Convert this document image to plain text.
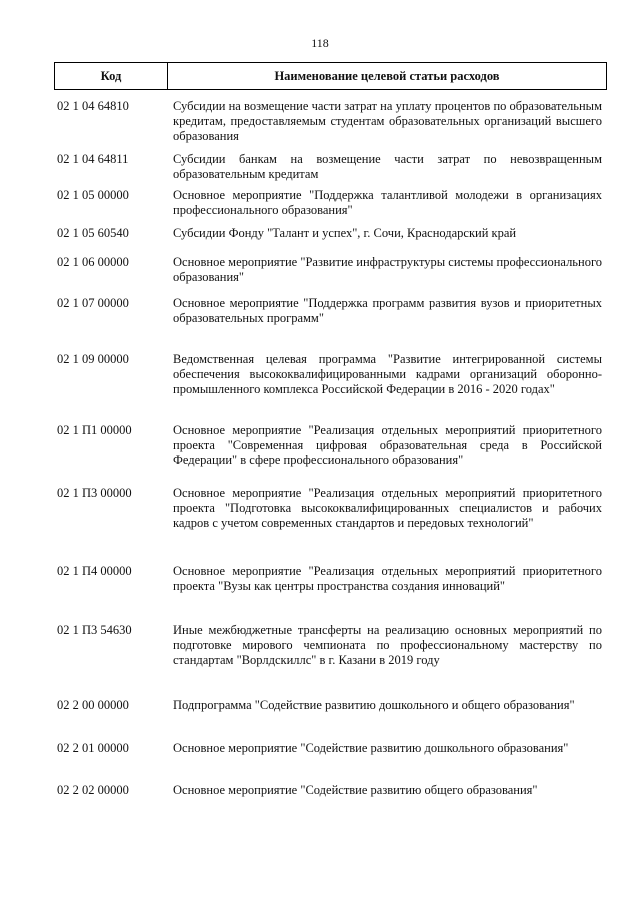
118
Код	Наименование целевой статьи расходов
02 1 04 64810	Субсидии на возмещение части затрат на уплату процентов по образовательным кредитам, предоставляемым студентам образовательных организаций высшего образования
02 1 04 64811	Субсидии банкам на возмещение части затрат по невозвращенным образовательным кредитам
02 1 05 00000	Основное мероприятие "Поддержка талантливой молодежи в организациях профессионального образования"
02 1 05 60540	Субсидии Фонду "Талант и успех", г. Сочи, Краснодарский край
02 1 06 00000	Основное мероприятие "Развитие инфраструктуры системы профессионального образования"
02 1 07 00000	Основное мероприятие "Поддержка программ развития вузов и приоритетных образовательных программ"
02 1 09 00000	Ведомственная целевая программа "Развитие интегрированной системы обеспечения высококвалифицированными кадрами организаций оборонно-промышленного комплекса Российской Федерации в 2016 - 2020 годах"
02 1 П1 00000	Основное мероприятие "Реализация отдельных мероприятий приоритетного проекта "Современная цифровая образовательная среда в Российской Федерации" в сфере профессионального образования"
02 1 П3 00000	Основное мероприятие "Реализация отдельных мероприятий приоритетного проекта "Подготовка высококвалифицированных специалистов и рабочих кадров с учетом современных стандартов и передовых технологий"
02 1 П4 00000	Основное мероприятие "Реализация отдельных мероприятий приоритетного проекта "Вузы как центры пространства создания инноваций"
02 1 П3 54630	Иные межбюджетные трансферты на реализацию основных мероприятий по подготовке мирового чемпионата по профессиональному мастерству по стандартам "Ворлдскиллс" в г. Казани в 2019 году
02 2 00 00000	Подпрограмма "Содействие развитию дошкольного и общего образования"
02 2 01 00000	Основное мероприятие "Содействие развитию дошкольного образования"
02 2 02 00000	Основное мероприятие "Содействие развитию общего образования"
